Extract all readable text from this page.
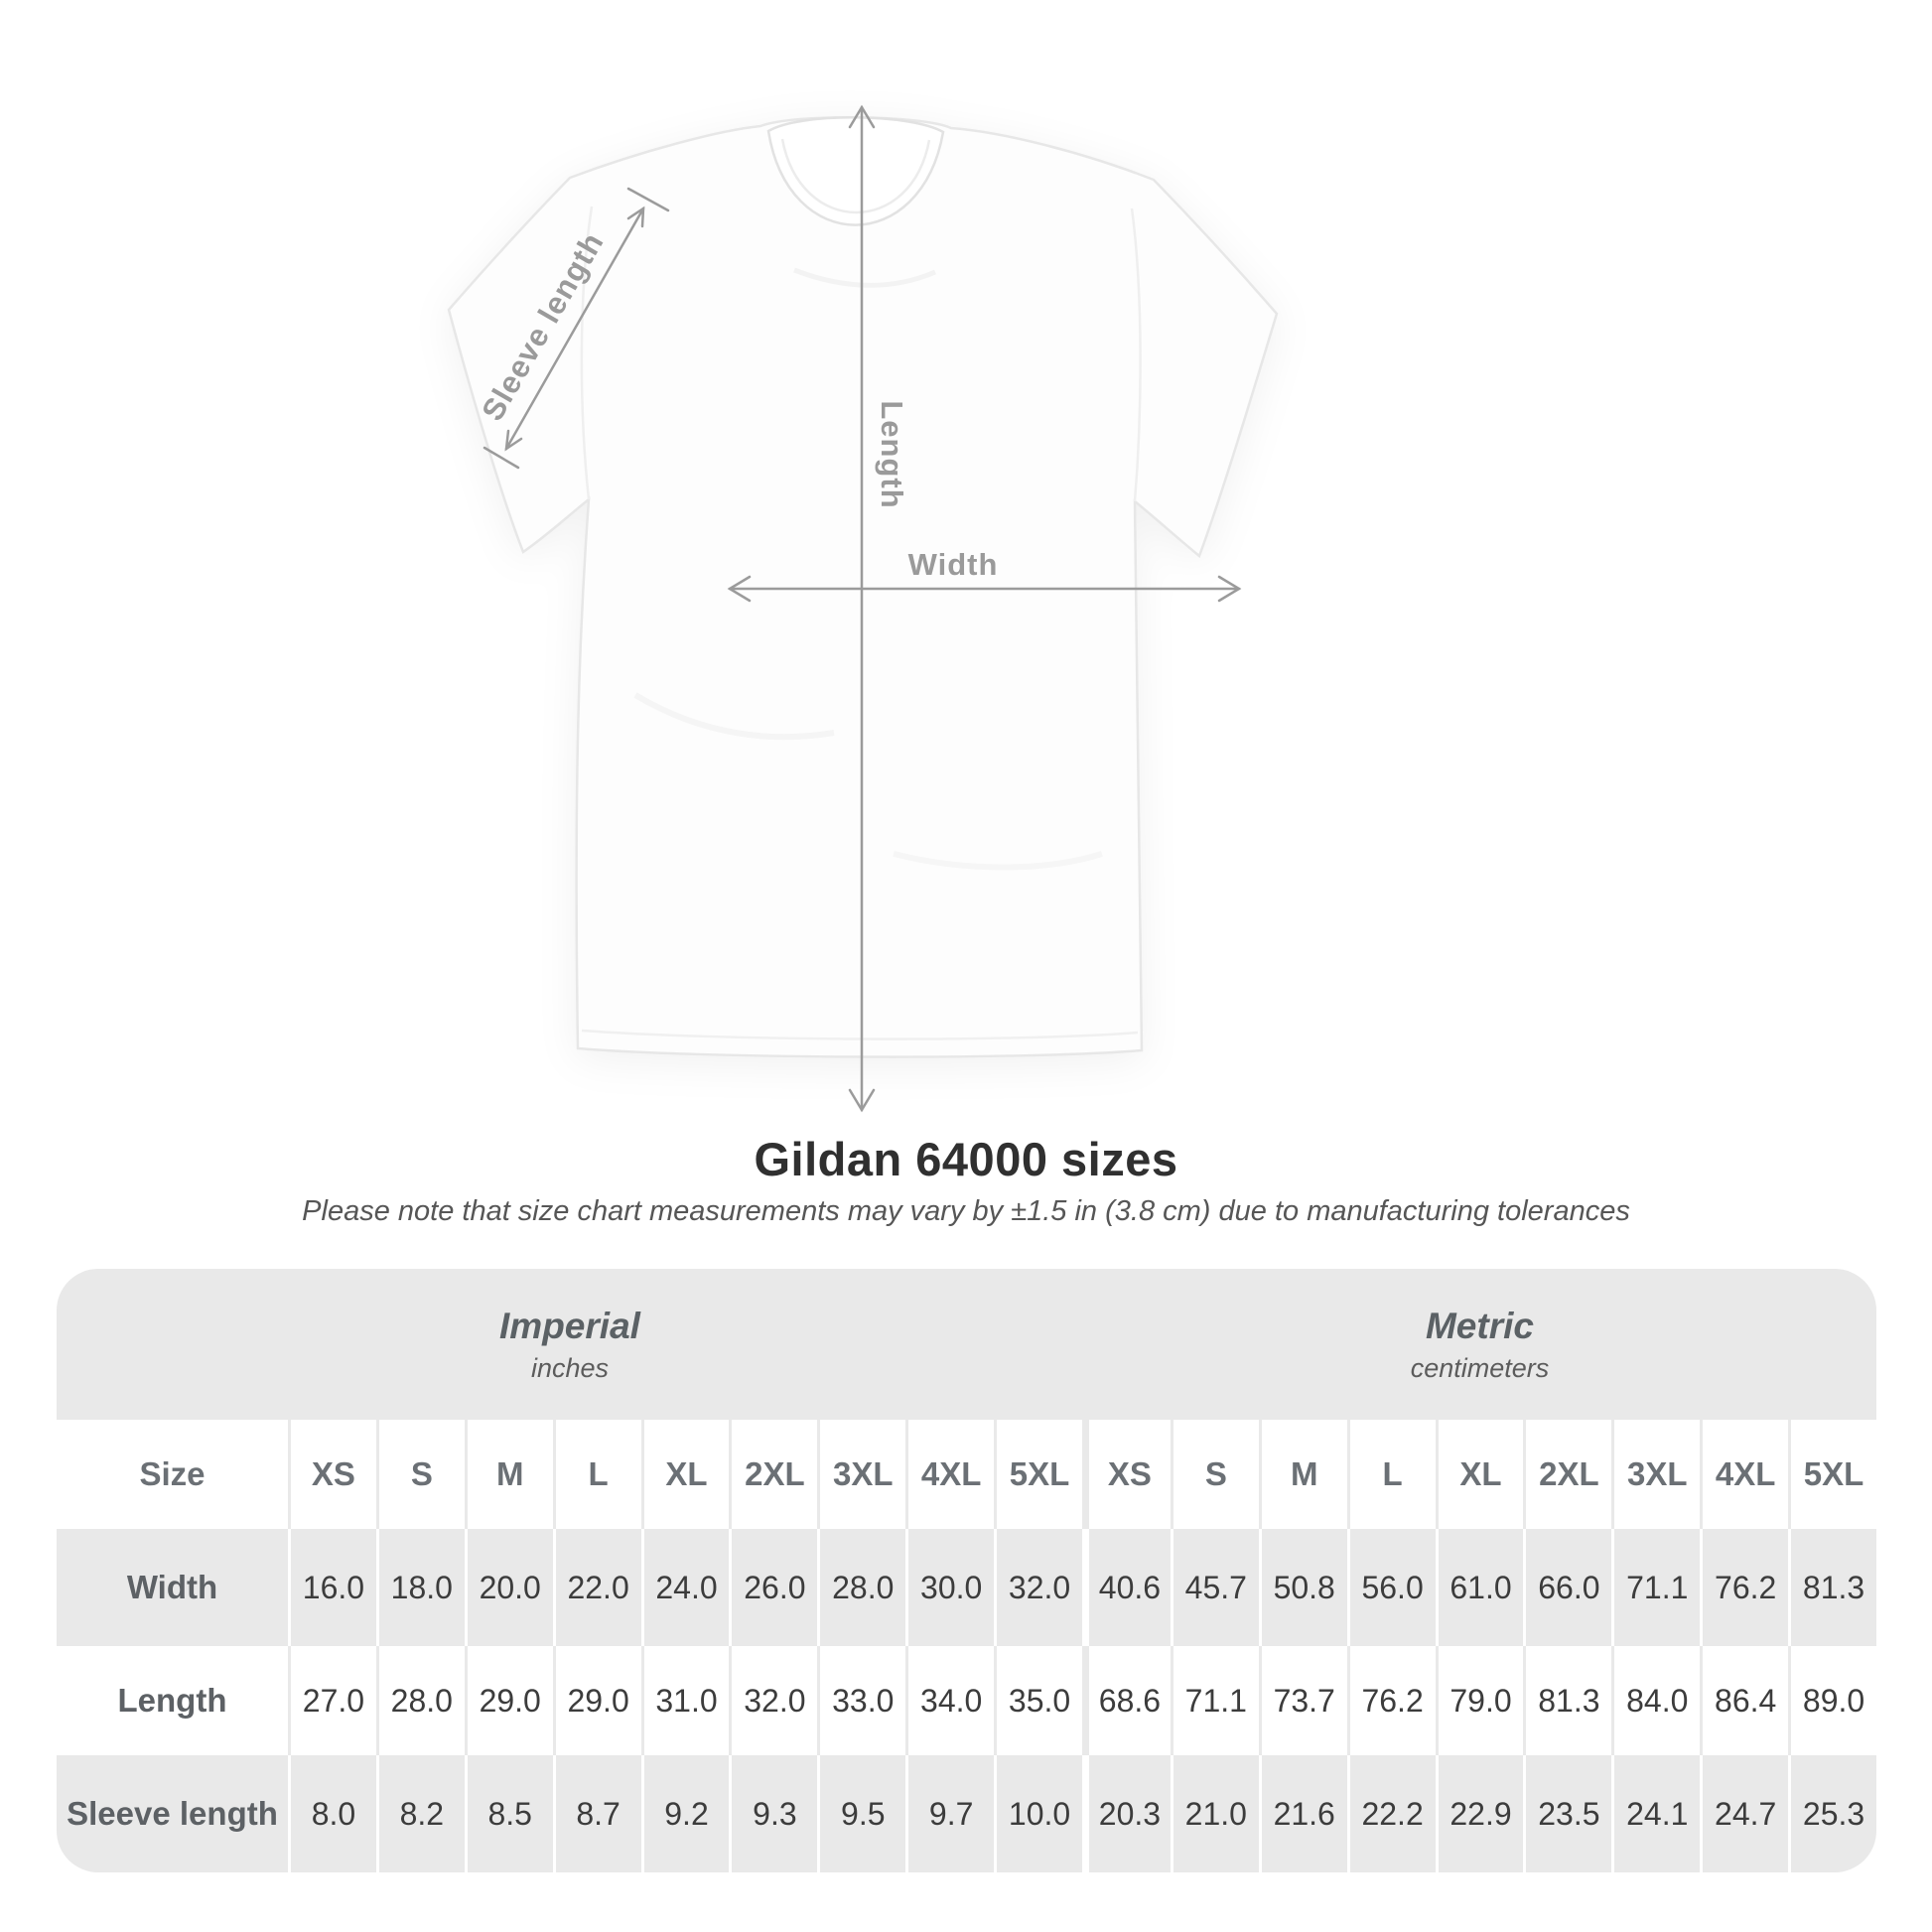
Sleeve length
Length
Width
Gildan 64000 sizes
Please note that size chart measurements may vary by ±1.5 in (3.8 cm) due to manufacturing tolerances
Imperial
inches
Metric
centimeters
Size	XS S M L XL 2XL 3XL 4XL 5XL XS S M L XL 2XL 3XL 4XL 5XL
Width	16.0 18.0 20.0 22.0 24.0 26.0 28.0 30.0 32.0 40.6 45.7 50.8 56.0 61.0 66.0 71.1 76.2 81.3
Length 27.0 28.0 29.0 29.0 31.0 32.0 33.0 34.0 35.0 68.6 71.1 73.7 76.2 79.0 81.3 84.0 86.4 89.0
Sleeve length 8.0 8.2 8.5 8.7 9.2 9.3 9.5 9.7 10.0 20.3 21.0 21.6 22.2 22.9 23.5 24.1 24.7 25.3
